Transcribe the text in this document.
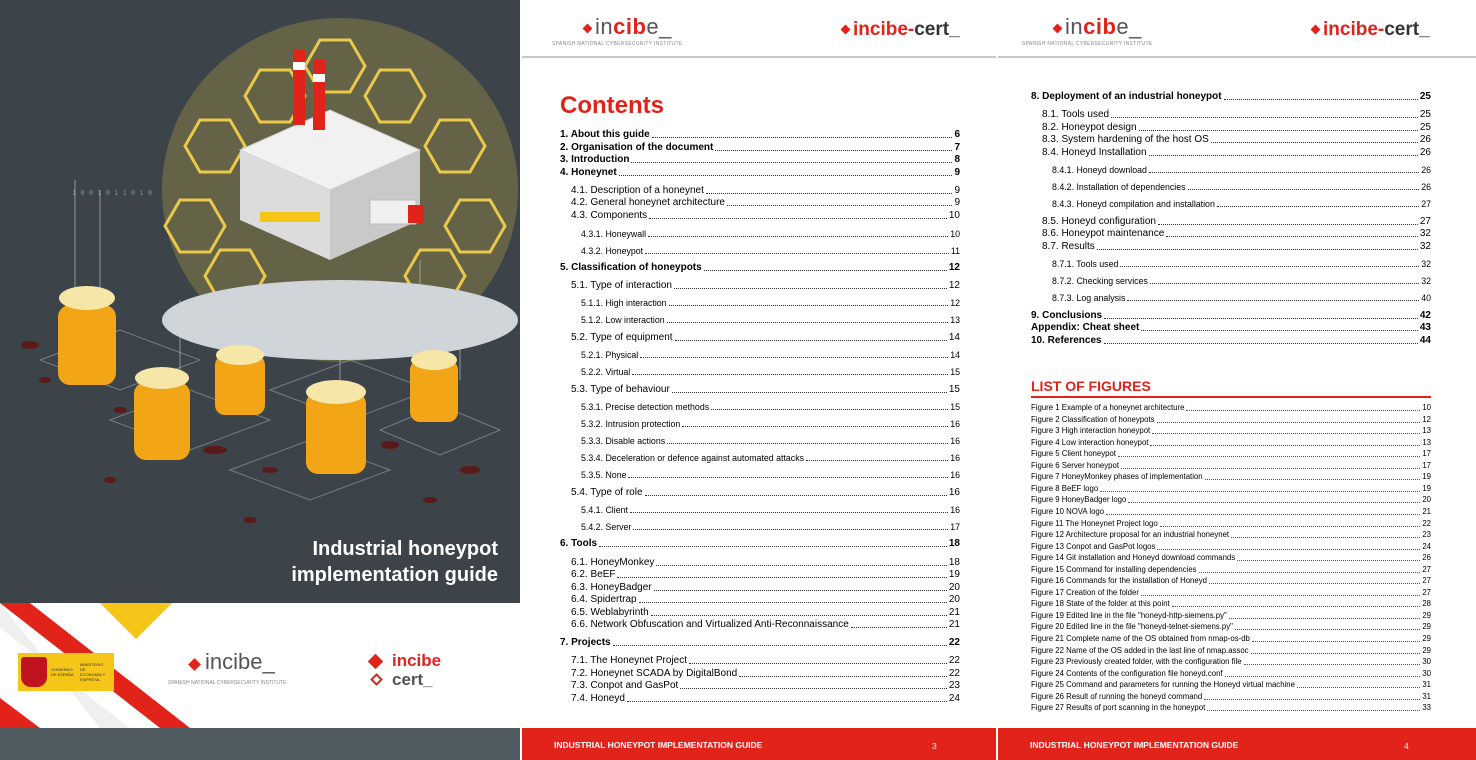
1 0 0 1 0 1 1 0 1 0
Industrial honeypot
implementation guide
GOBIERNO DE ESPAÑA
MINISTERIO DE ECONOMÍA Y EMPRESA
incibe_
SPANISH NATIONAL CYBERSECURITY INSTITUTE
incibe
cert_
incibe_
SPANISH NATIONAL CYBERSECURITY INSTITUTE
incibe-cert_
Contents
1. About this guide	6
2. Organisation of the document	7
3. Introduction	8
4. Honeynet	9
4.1. Description of a honeynet	9
4.2. General honeynet architecture	9
4.3. Components	10
4.3.1. Honeywall	10
4.3.2. Honeypot	11
5. Classification of honeypots	12
5.1. Type of interaction	12
5.1.1. High interaction	12
5.1.2. Low interaction	13
5.2. Type of equipment	14
5.2.1. Physical	14
5.2.2. Virtual	15
5.3. Type of behaviour	15
5.3.1. Precise detection methods	15
5.3.2. Intrusion protection	16
5.3.3. Disable actions	16
5.3.4. Deceleration or defence against automated attacks	16
5.3.5. None	16
5.4. Type of role	16
5.4.1. Client	16
5.4.2. Server	17
6. Tools	18
6.1. HoneyMonkey	18
6.2. BeEF	19
6.3. HoneyBadger	20
6.4. Spidertrap	20
6.5. Weblabyrinth	21
6.6. Network Obfuscation and Virtualized Anti-Reconnaissance	21
7. Projects	22
7.1. The Honeynet Project	22
7.2. Honeynet SCADA by DigitalBond	22
7.3. Conpot and GasPot	23
7.4. Honeyd	24
INDUSTRIAL HONEYPOT IMPLEMENTATION GUIDE	3
incibe_
SPANISH NATIONAL CYBERSECURITY INSTITUTE
incibe-cert_
8. Deployment of an industrial honeypot	25
8.1. Tools used	25
8.2. Honeypot design	25
8.3. System hardening of the host OS	26
8.4. Honeyd Installation	26
8.4.1. Honeyd download	26
8.4.2. Installation of dependencies	26
8.4.3. Honeyd compilation and installation	27
8.5. Honeyd configuration	27
8.6. Honeypot maintenance	32
8.7. Results	32
8.7.1. Tools used	32
8.7.2. Checking services	32
8.7.3. Log analysis	40
9. Conclusions	42
Appendix: Cheat sheet	43
10. References	44
LIST OF FIGURES
Figure 1 Example of a honeynet architecture	10
Figure 2 Classification of honeypots	12
Figure 3 High interaction honeypot	13
Figure 4 Low interaction honeypot	13
Figure 5 Client honeypot	17
Figure 6 Server honeypot	17
Figure 7 HoneyMonkey phases of implementation	19
Figure 8 BeEF logo	19
Figure 9 HoneyBadger logo	20
Figure 10 NOVA logo	21
Figure 11 The Honeynet Project logo	22
Figure 12 Architecture proposal for an industrial honeynet	23
Figure 13 Conpot and GasPot logos	24
Figure 14 Git installation and Honeyd download commands	26
Figure 15 Command for installing dependencies	27
Figure 16 Commands for the installation of Honeyd	27
Figure 17 Creation of the folder	27
Figure 18 State of the folder at this point	28
Figure 19 Edited line in the file "honeyd-http-siemens.py"	29
Figure 20 Edited line in the file "honeyd-telnet-siemens.py"	29
Figure 21 Complete name of the OS obtained from nmap-os-db	29
Figure 22 Name of the OS added in the last line of nmap.assoc	29
Figure 23 Previously created folder, with the configuration file	30
Figure 24 Contents of the configuration file honeyd.conf	30
Figure 25 Command and parameters for running the Honeyd virtual machine	31
Figure 26 Result of running the honeyd command	31
Figure 27 Results of port scanning in the honeypot	33
INDUSTRIAL HONEYPOT IMPLEMENTATION GUIDE	4
